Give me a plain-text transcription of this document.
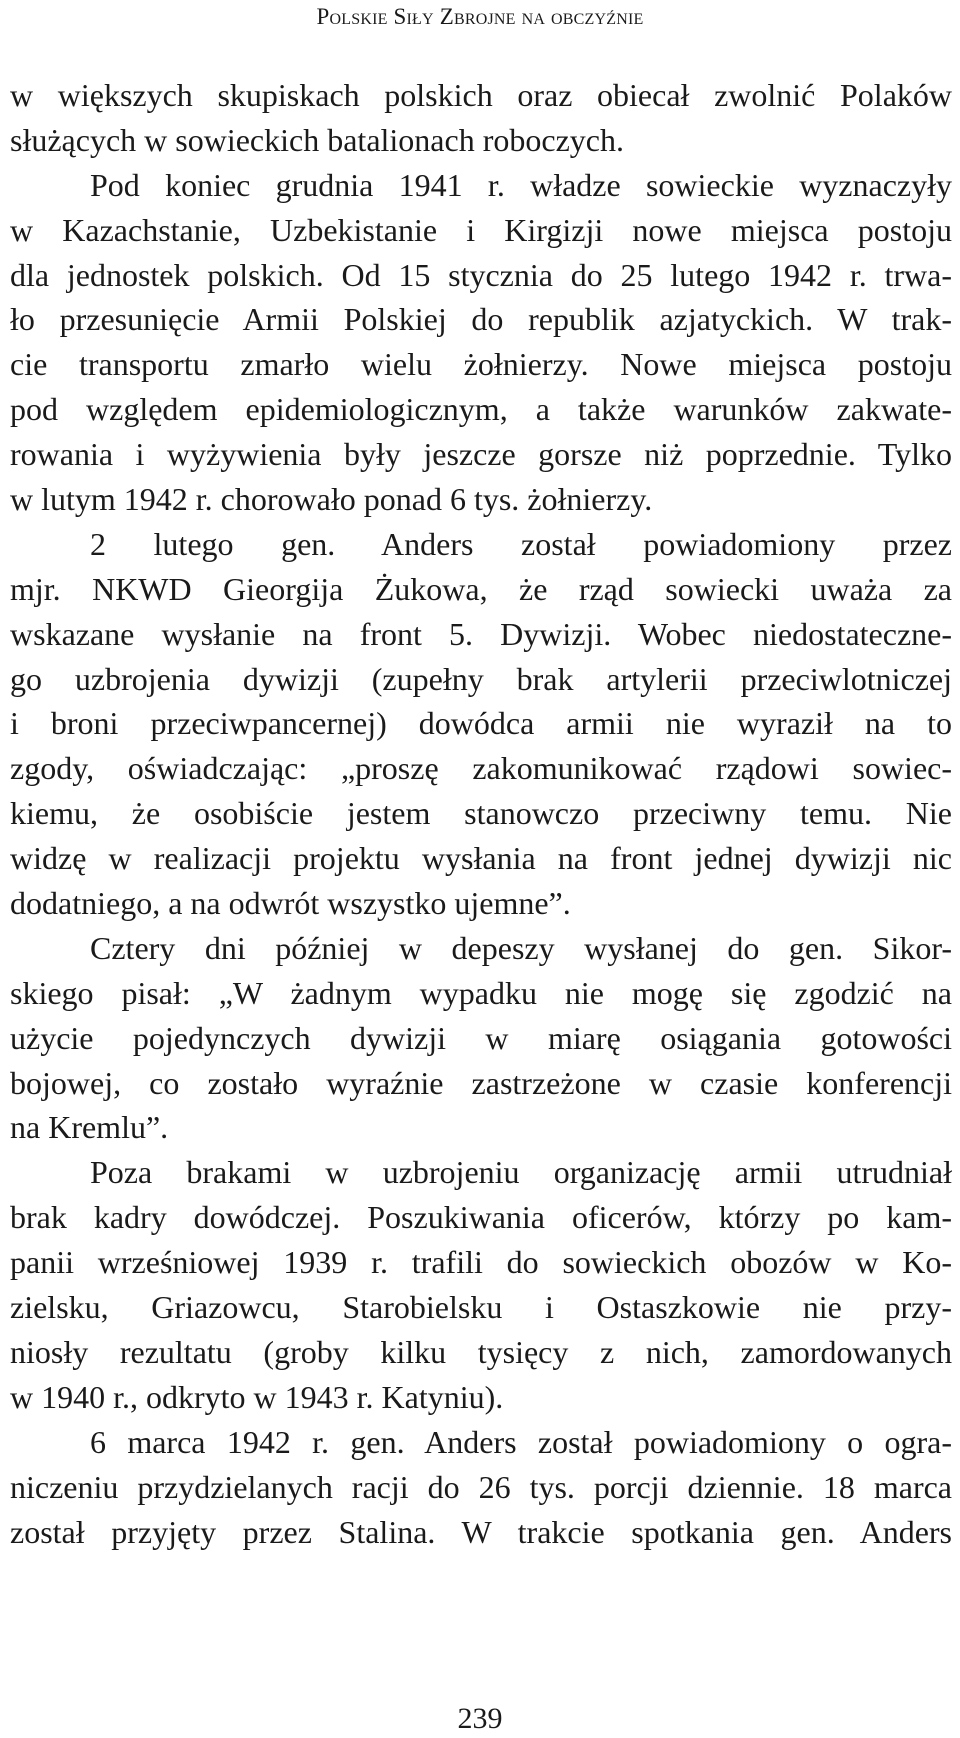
Polskie Siły Zbrojne na obczyźnie
w większych skupiskach polskich oraz obiecał zwolnić Polaków
służących w sowieckich batalionach roboczych.
Pod koniec grudnia 1941 r. władze sowieckie wyznaczyły
w Kazachstanie, Uzbekistanie i Kirgizji nowe miejsca postoju
dla jednostek polskich. Od 15 stycznia do 25 lutego 1942 r. trwa-
ło przesunięcie Armii Polskiej do republik azjatyckich. W trak-
cie transportu zmarło wielu żołnierzy. Nowe miejsca postoju
pod względem epidemiologicznym, a także warunków zakwate-
rowania i wyżywienia były jeszcze gorsze niż poprzednie. Tylko
w lutym 1942 r. chorowało ponad 6 tys. żołnierzy.
2 lutego gen. Anders został powiadomiony przez
mjr. NKWD Gieorgija Żukowa, że rząd sowiecki uważa za
wskazane wysłanie na front 5. Dywizji. Wobec niedostateczne-
go uzbrojenia dywizji (zupełny brak artylerii przeciwlotniczej
i broni przeciwpancernej) dowódca armii nie wyraził na to
zgody, oświadczając: „proszę zakomunikować rządowi sowiec-
kiemu, że osobiście jestem stanowczo przeciwny temu. Nie
widzę w realizacji projektu wysłania na front jednej dywizji nic
dodatniego, a na odwrót wszystko ujemne”.
Cztery dni później w depeszy wysłanej do gen. Sikor-
skiego pisał: „W żadnym wypadku nie mogę się zgodzić na
użycie pojedynczych dywizji w miarę osiągania gotowości
bojowej, co zostało wyraźnie zastrzeżone w czasie konferencji
na Kremlu”.
Poza brakami w uzbrojeniu organizację armii utrudniał
brak kadry dowódczej. Poszukiwania oficerów, którzy po kam-
panii wrześniowej 1939 r. trafili do sowieckich obozów w Ko-
zielsku, Griazowcu, Starobielsku i Ostaszkowie nie przy-
niosły rezultatu (groby kilku tysięcy z nich, zamordowanych
w 1940 r., odkryto w 1943 r. Katyniu).
6 marca 1942 r. gen. Anders został powiadomiony o ogra-
niczeniu przydzielanych racji do 26 tys. porcji dziennie. 18 marca
został przyjęty przez Stalina. W trakcie spotkania gen. Anders
239
